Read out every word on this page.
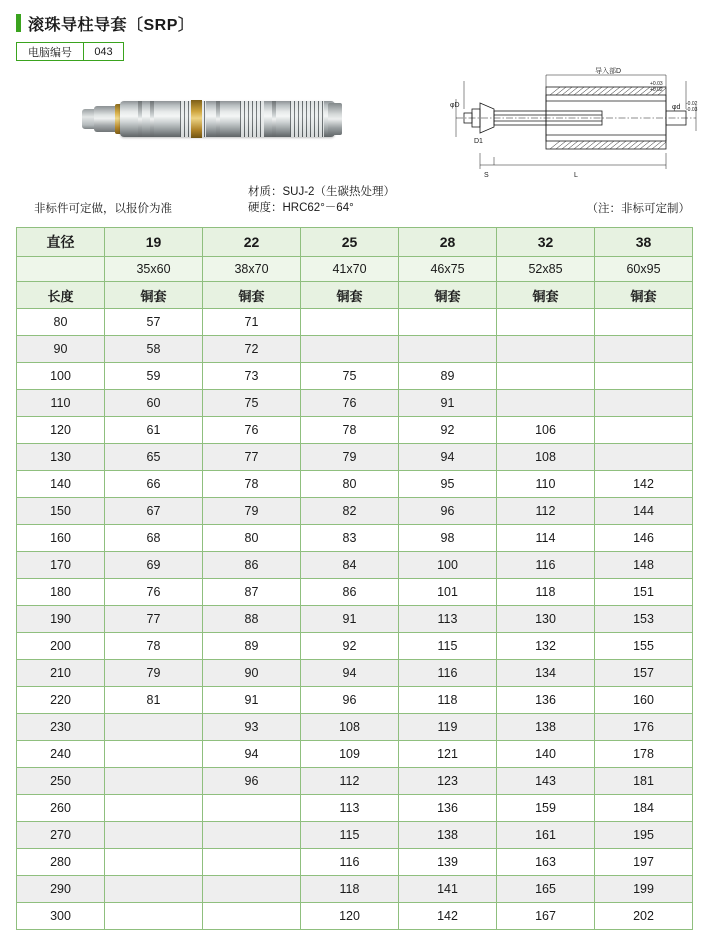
滚珠导柱导套〔SRP〕
电脑编号	043
导入部D
φD
D1
φd -0.02
-0.03
+0.03
+0.02
S	L
非标件可定做，以报价为准
材质：SUJ-2（生碳热处理）
硬度：HRC62°－64°	（注：非标可定制）
直径	19	22	25	28	32	38
	35x60	38x70	41x70	46x75	52x85	60x95
长度	铜套	铜套	铜套	铜套	铜套	铜套
80	57	71				
90	58	72				
100	59	73	75	89		
110	60	75	76	91		
120	61	76	78	92	106	
130	65	77	79	94	108	
140	66	78	80	95	110	142
150	67	79	82	96	112	144
160	68	80	83	98	114	146
170	69	86	84	100	116	148
180	76	87	86	101	118	151
190	77	88	91	113	130	153
200	78	89	92	115	132	155
210	79	90	94	116	134	157
220	81	91	96	118	136	160
230		93	108	119	138	176
240		94	109	121	140	178
250		96	112	123	143	181
260			113	136	159	184
270			115	138	161	195
280			116	139	163	197
290			118	141	165	199
300			120	142	167	202
